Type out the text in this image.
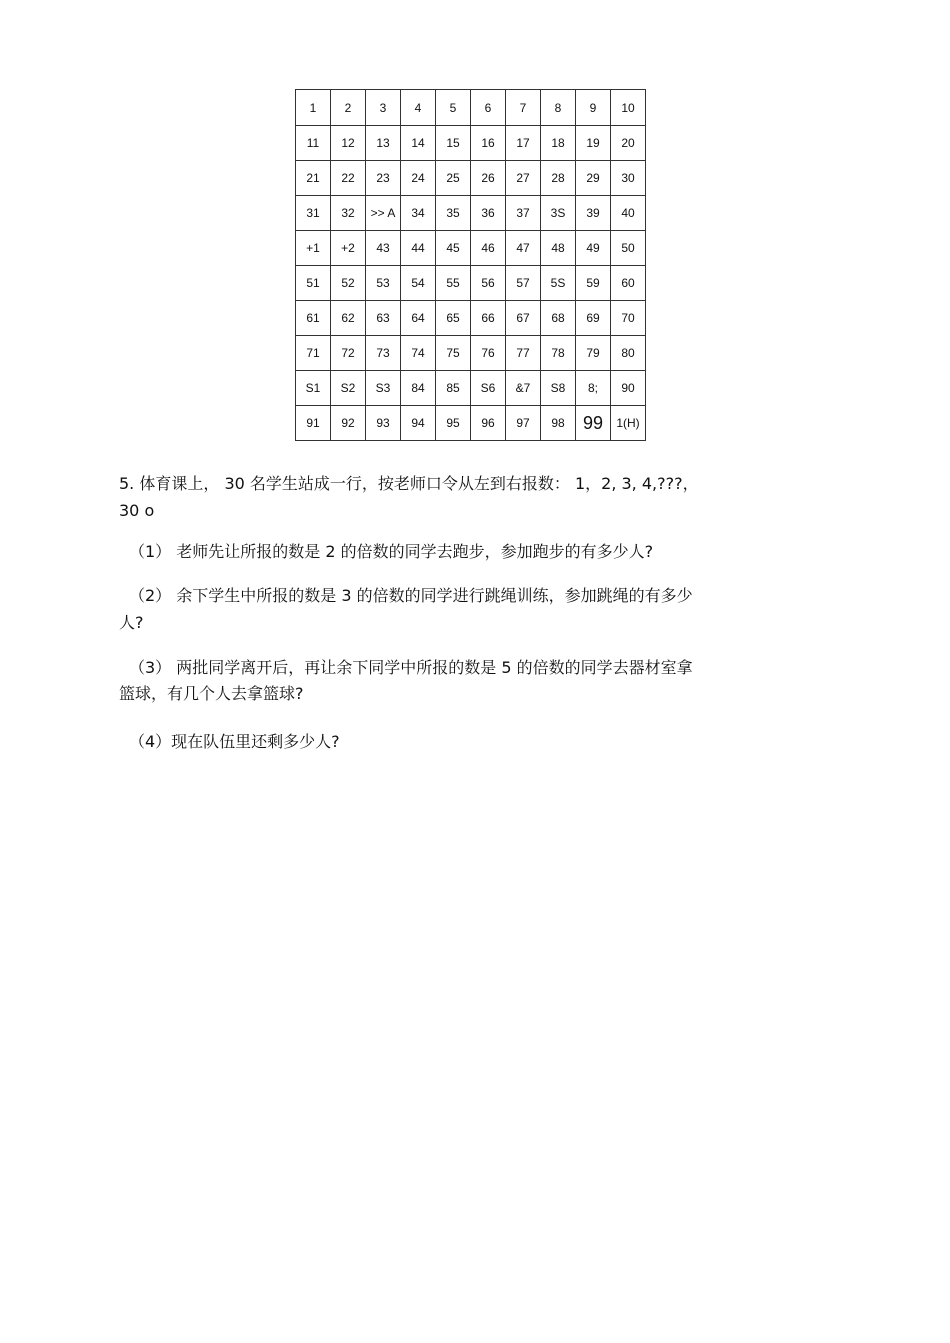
1	2	3	4	5	6	7	8	9	10
11	12	13	14	15	16	17	18	19	20
21	22	23	24	25	26	27	28	29	30
31	32	>> A	34	35	36	37	3S	39	40
+1	+2	43	44	45	46	47	48	49	50
51	52	53	54	55	56	57	5S	59	60
61	62	63	64	65	66	67	68	69	70
71	72	73	74	75	76	77	78	79	80
S1	S2	S3	84	85	S6	&7	S8	8;	90
91	92	93	94	95	96	97	98	99	1(H)
5. 体育课上， 30 名学生站成一行，按老师口令从左到右报数： 1，2, 3, 4,???，
30 o
（1） 老师先让所报的数是 2 的倍数的同学去跑步，参加跑步的有多少人?
（2） 余下学生中所报的数是 3 的倍数的同学进行跳绳训练，参加跳绳的有多少
人?
（3） 两批同学离开后，再让余下同学中所报的数是 5 的倍数的同学去器材室拿
篮球，有几个人去拿篮球?
（4）现在队伍里还剩多少人?
